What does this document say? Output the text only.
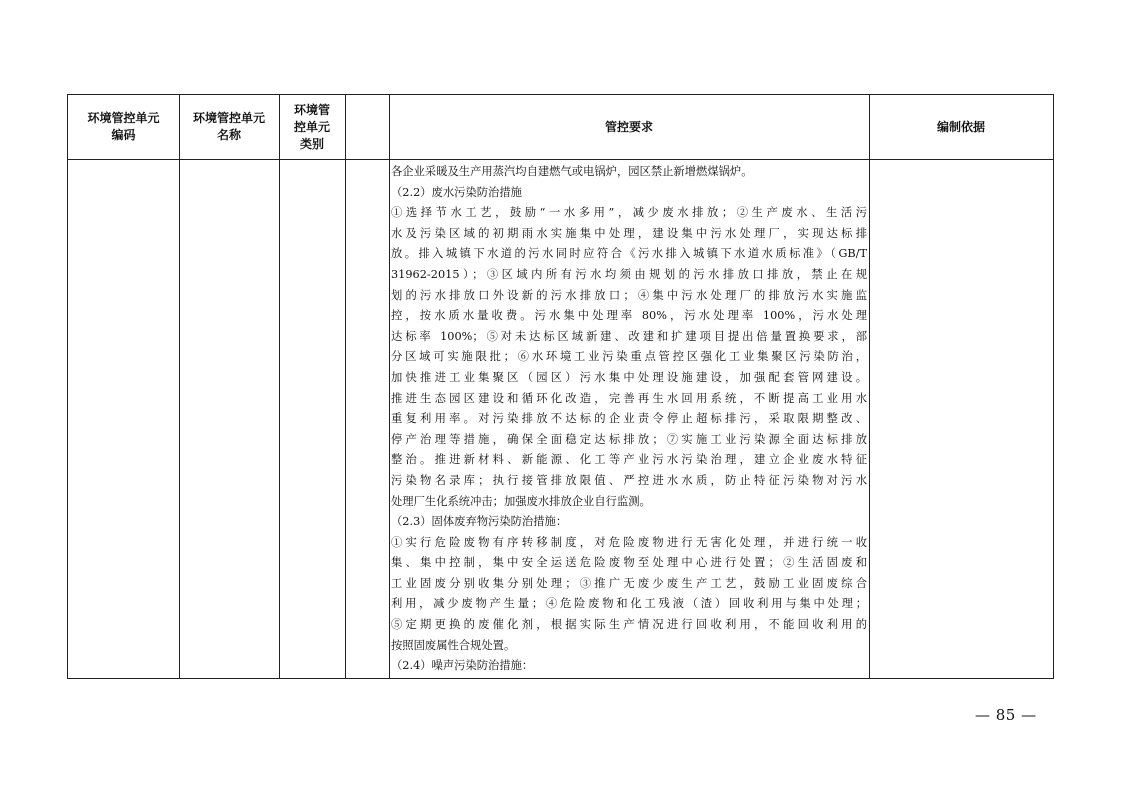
环境管控单元
编码
环境管控单元
名称
环境管
控单元
类别
管控要求	编制依据
各企业采暖及生产用蒸汽均自建燃气或电锅炉，园区禁止新增燃煤锅炉。
（2.2）废水污染防治措施
①选择节水工艺，鼓励“一水多用”，减少废水排放；②生产废水、生活污
水及污染区域的初期雨水实施集中处理，建设集中污水处理厂，实现达标排
放。排入城镇下水道的污水同时应符合《污水排入城镇下水道水质标准》（GB/T
31962-2015）；③区域内所有污水均须由规划的污水排放口排放，禁止在规
划的污水排放口外设新的污水排放口；④集中污水处理厂的排放污水实施监
控，按水质水量收费。污水集中处理率 80%，污水处理率 100%，污水处理
达标率 100%；⑤对未达标区域新建、改建和扩建项目提出倍量置换要求，部
分区域可实施限批；⑥水环境工业污染重点管控区强化工业集聚区污染防治，
加快推进工业集聚区（园区）污水集中处理设施建设，加强配套管网建设。
推进生态园区建设和循环化改造，完善再生水回用系统，不断提高工业用水
重复利用率。对污染排放不达标的企业责令停止超标排污，采取限期整改、
停产治理等措施，确保全面稳定达标排放；⑦实施工业污染源全面达标排放
整治。推进新材料、新能源、化工等产业污水污染治理，建立企业废水特征
污染物名录库；执行接管排放限值、严控进水水质，防止特征污染物对污水
处理厂生化系统冲击；加强废水排放企业自行监测。
（2.3）固体废弃物污染防治措施：
①实行危险废物有序转移制度，对危险废物进行无害化处理，并进行统一收
集、集中控制，集中安全运送危险废物至处理中心进行处置；②生活固废和
工业固废分别收集分别处理；③推广无废少废生产工艺，鼓励工业固废综合
利用，减少废物产生量；④危险废物和化工残液（渣）回收利用与集中处理；
⑤定期更换的废催化剂，根据实际生产情况进行回收利用，不能回收利用的
按照固废属性合规处置。
（2.4）噪声污染防治措施：
— 85 —
